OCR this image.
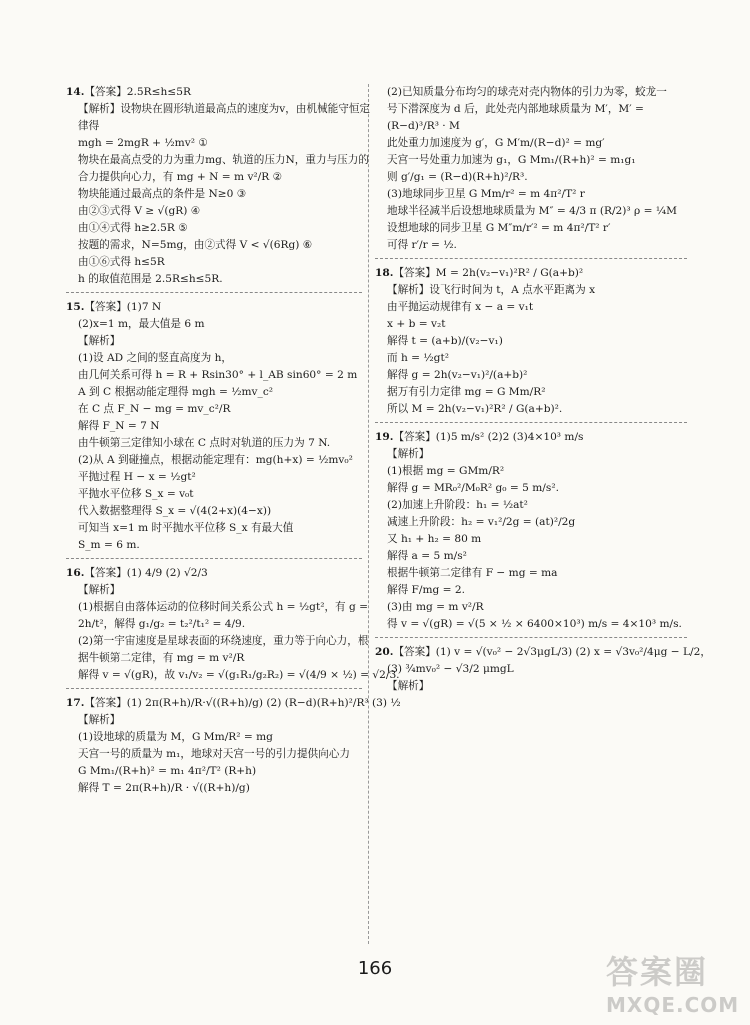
14.【答案】2.5R≤h≤5R
【解析】设物块在圆形轨道最高点的速度为v，由机械能守恒定
律得
mgh = 2mgR + ½mv² ①
物块在最高点受的力为重力mg、轨道的压力N，重力与压力的
合力提供向心力，有 mg + N = m v²/R ②
物块能通过最高点的条件是 N≥0 ③
由②③式得 V ≥ √(gR) ④
由①④式得 h≥2.5R ⑤
按题的需求，N=5mg，由②式得 V < √(6Rg) ⑥
由①⑥式得 h≤5R
h 的取值范围是 2.5R≤h≤5R.
15.【答案】(1)7 N
(2)x=1 m，最大值是 6 m
【解析】
(1)设 AD 之间的竖直高度为 h，
由几何关系可得 h = R + Rsin30° + l_AB sin60° = 2 m
A 到 C 根据动能定理得 mgh = ½mv_c²
在 C 点 F_N − mg = mv_c²/R
解得 F_N = 7 N
由牛顿第三定律知小球在 C 点时对轨道的压力为 7 N.
(2)从 A 到碰撞点，根据动能定理有：mg(h+x) = ½mv₀²
平抛过程 H − x = ½gt²
平抛水平位移 S_x = v₀t
代入数据整理得 S_x = √(4(2+x)(4−x))
可知当 x=1 m 时平抛水平位移 S_x 有最大值
S_m = 6 m.
16.【答案】(1) 4/9 (2) √2/3
【解析】
(1)根据自由落体运动的位移时间关系公式 h = ½gt²，有 g =
2h/t²，解得 g₁/g₂ = t₂²/t₁² = 4/9.
(2)第一宇宙速度是星球表面的环绕速度，重力等于向心力，根
据牛顿第二定律，有 mg = m v²/R
解得 v = √(gR)，故 v₁/v₂ = √(g₁R₁/g₂R₂) = √(4/9 × ½) = √2/3.
17.【答案】(1) 2π(R+h)/R·√((R+h)/g) (2) (R−d)(R+h)²/R³ (3) ½
【解析】
(1)设地球的质量为 M，G Mm/R² = mg
天宫一号的质量为 m₁，地球对天宫一号的引力提供向心力
G Mm₁/(R+h)² = m₁ 4π²/T² (R+h)
解得 T = 2π(R+h)/R · √((R+h)/g)
(2)已知质量分布均匀的球壳对壳内物体的引力为零，蛟龙一
号下潜深度为 d 后，此处壳内部地球质量为 M′，M′ =
(R−d)³/R³ · M
此处重力加速度为 g′，G M′m/(R−d)² = mg′
天宫一号处重力加速为 g₁，G Mm₁/(R+h)² = m₁g₁
则 g′/g₁ = (R−d)(R+h)²/R³.
(3)地球同步卫星 G Mm/r² = m 4π²/T² r
地球半径减半后设想地球质量为 M″ = 4/3 π (R/2)³ ρ = ¼M
设想地球的同步卫星 G M″m/r′² = m 4π²/T² r′
可得 r′/r = ½.
18.【答案】M = 2h(v₂−v₁)²R² / G(a+b)²
【解析】设飞行时间为 t，A 点水平距离为 x
由平抛运动规律有 x − a = v₁t
x + b = v₂t
解得 t = (a+b)/(v₂−v₁)
而 h = ½gt²
解得 g = 2h(v₂−v₁)²/(a+b)²
据万有引力定律 mg = G Mm/R²
所以 M = 2h(v₂−v₁)²R² / G(a+b)².
19.【答案】(1)5 m/s² (2)2 (3)4×10³ m/s
【解析】
(1)根据 mg = GMm/R²
解得 g = MR₀²/M₀R² g₀ = 5 m/s².
(2)加速上升阶段：h₁ = ½at²
减速上升阶段：h₂ = v₁²/2g = (at)²/2g
又 h₁ + h₂ = 80 m
解得 a = 5 m/s²
根据牛顿第二定律有 F − mg = ma
解得 F/mg = 2.
(3)由 mg = m v²/R
得 v = √(gR) = √(5 × ½ × 6400×10³) m/s = 4×10³ m/s.
20.【答案】(1) v = √(v₀² − 2√3μgL/3) (2) x = √3v₀²/4μg − L/2，
(3) ¾mv₀² − √3/2 μmgL
【解析】
166	答案圈
MXQE.COM
